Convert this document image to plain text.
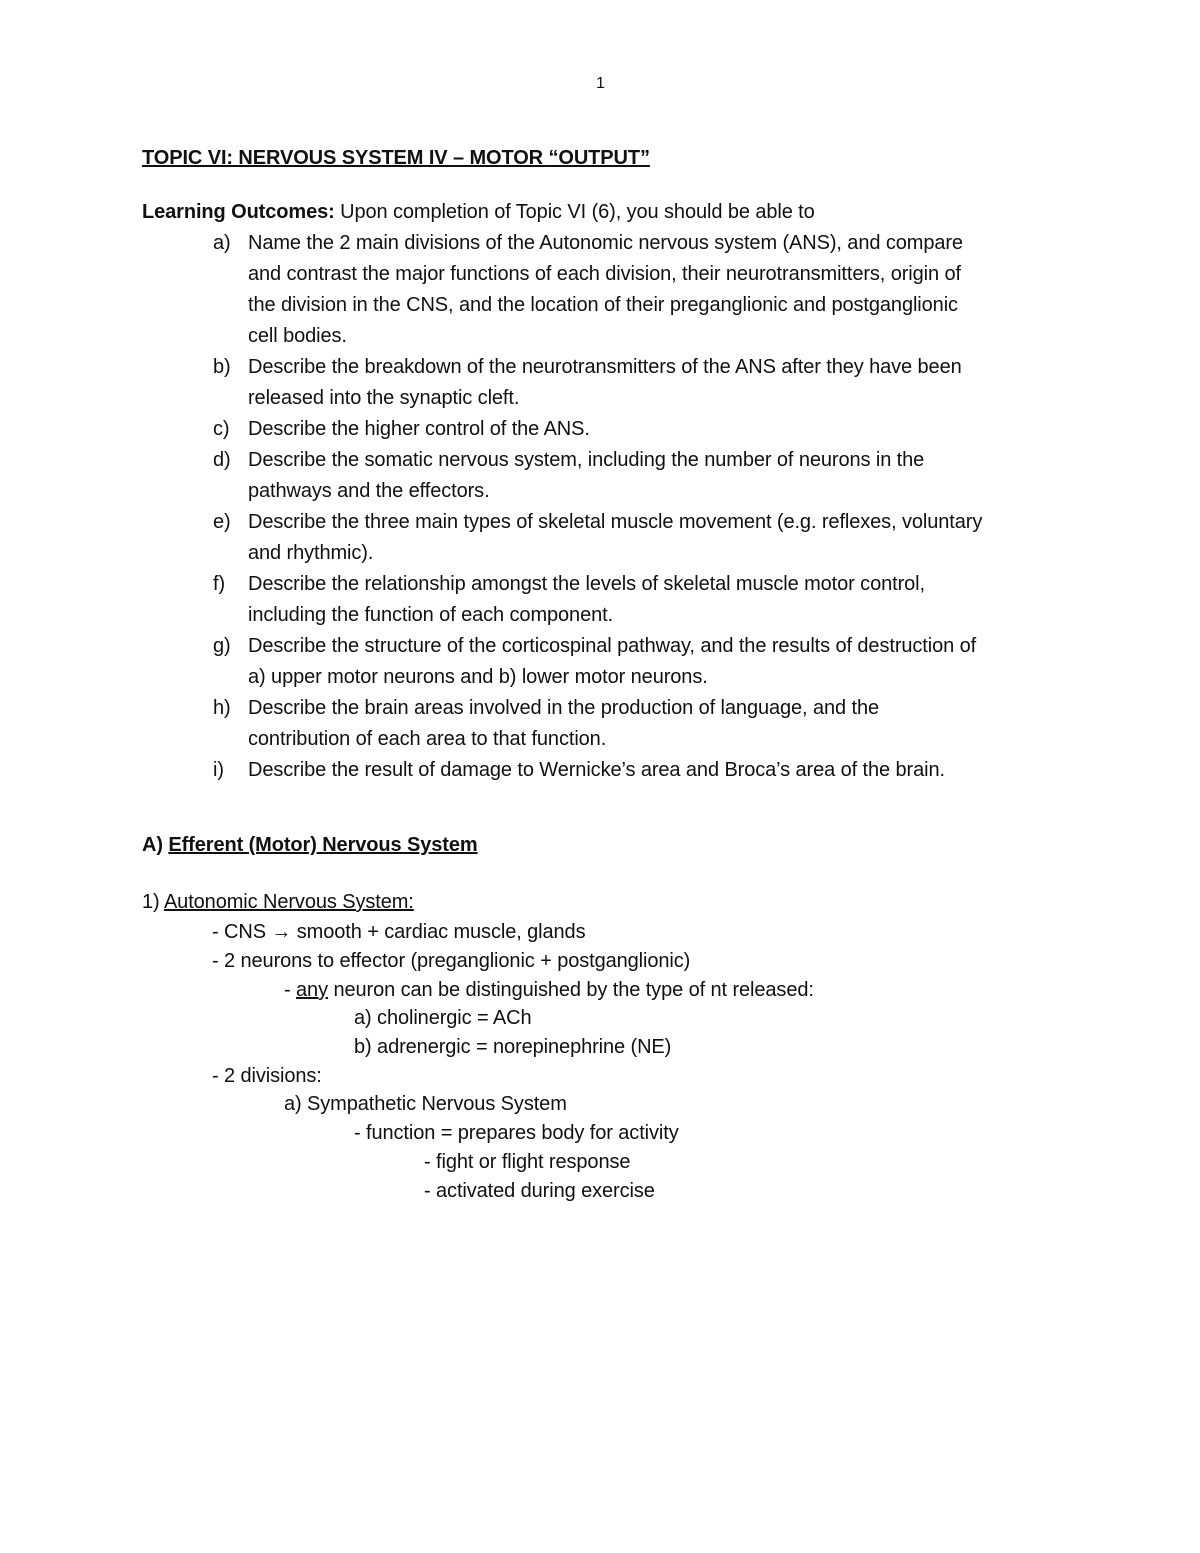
1
TOPIC VI: NERVOUS SYSTEM IV – MOTOR “OUTPUT”
Learning Outcomes: Upon completion of Topic VI (6), you should be able to
a) Name the 2 main divisions of the Autonomic nervous system (ANS), and compare
and contrast the major functions of each division, their neurotransmitters, origin of
the division in the CNS, and the location of their preganglionic and postganglionic
cell bodies.
b) Describe the breakdown of the neurotransmitters of the ANS after they have been
released into the synaptic cleft.
c) Describe the higher control of the ANS.
d) Describe the somatic nervous system, including the number of neurons in the
pathways and the effectors.
e) Describe the three main types of skeletal muscle movement (e.g. reflexes, voluntary
and rhythmic).
f)	Describe the relationship amongst the levels of skeletal muscle motor control,
including the function of each component.
g) Describe the structure of the corticospinal pathway, and the results of destruction of
a) upper motor neurons and b) lower motor neurons.
h) Describe the brain areas involved in the production of language, and the
contribution of each area to that function.
i)	Describe the result of damage to Wernicke’s area and Broca’s area of the brain.
A) Efferent (Motor) Nervous System
1) Autonomic Nervous System:
- CNS → smooth + cardiac muscle, glands
- 2 neurons to effector (preganglionic + postganglionic)
- any neuron can be distinguished by the type of nt released:
a) cholinergic = ACh
b) adrenergic = norepinephrine (NE)
- 2 divisions:
a) Sympathetic Nervous System
- function = prepares body for activity
- fight or flight response
- activated during exercise
